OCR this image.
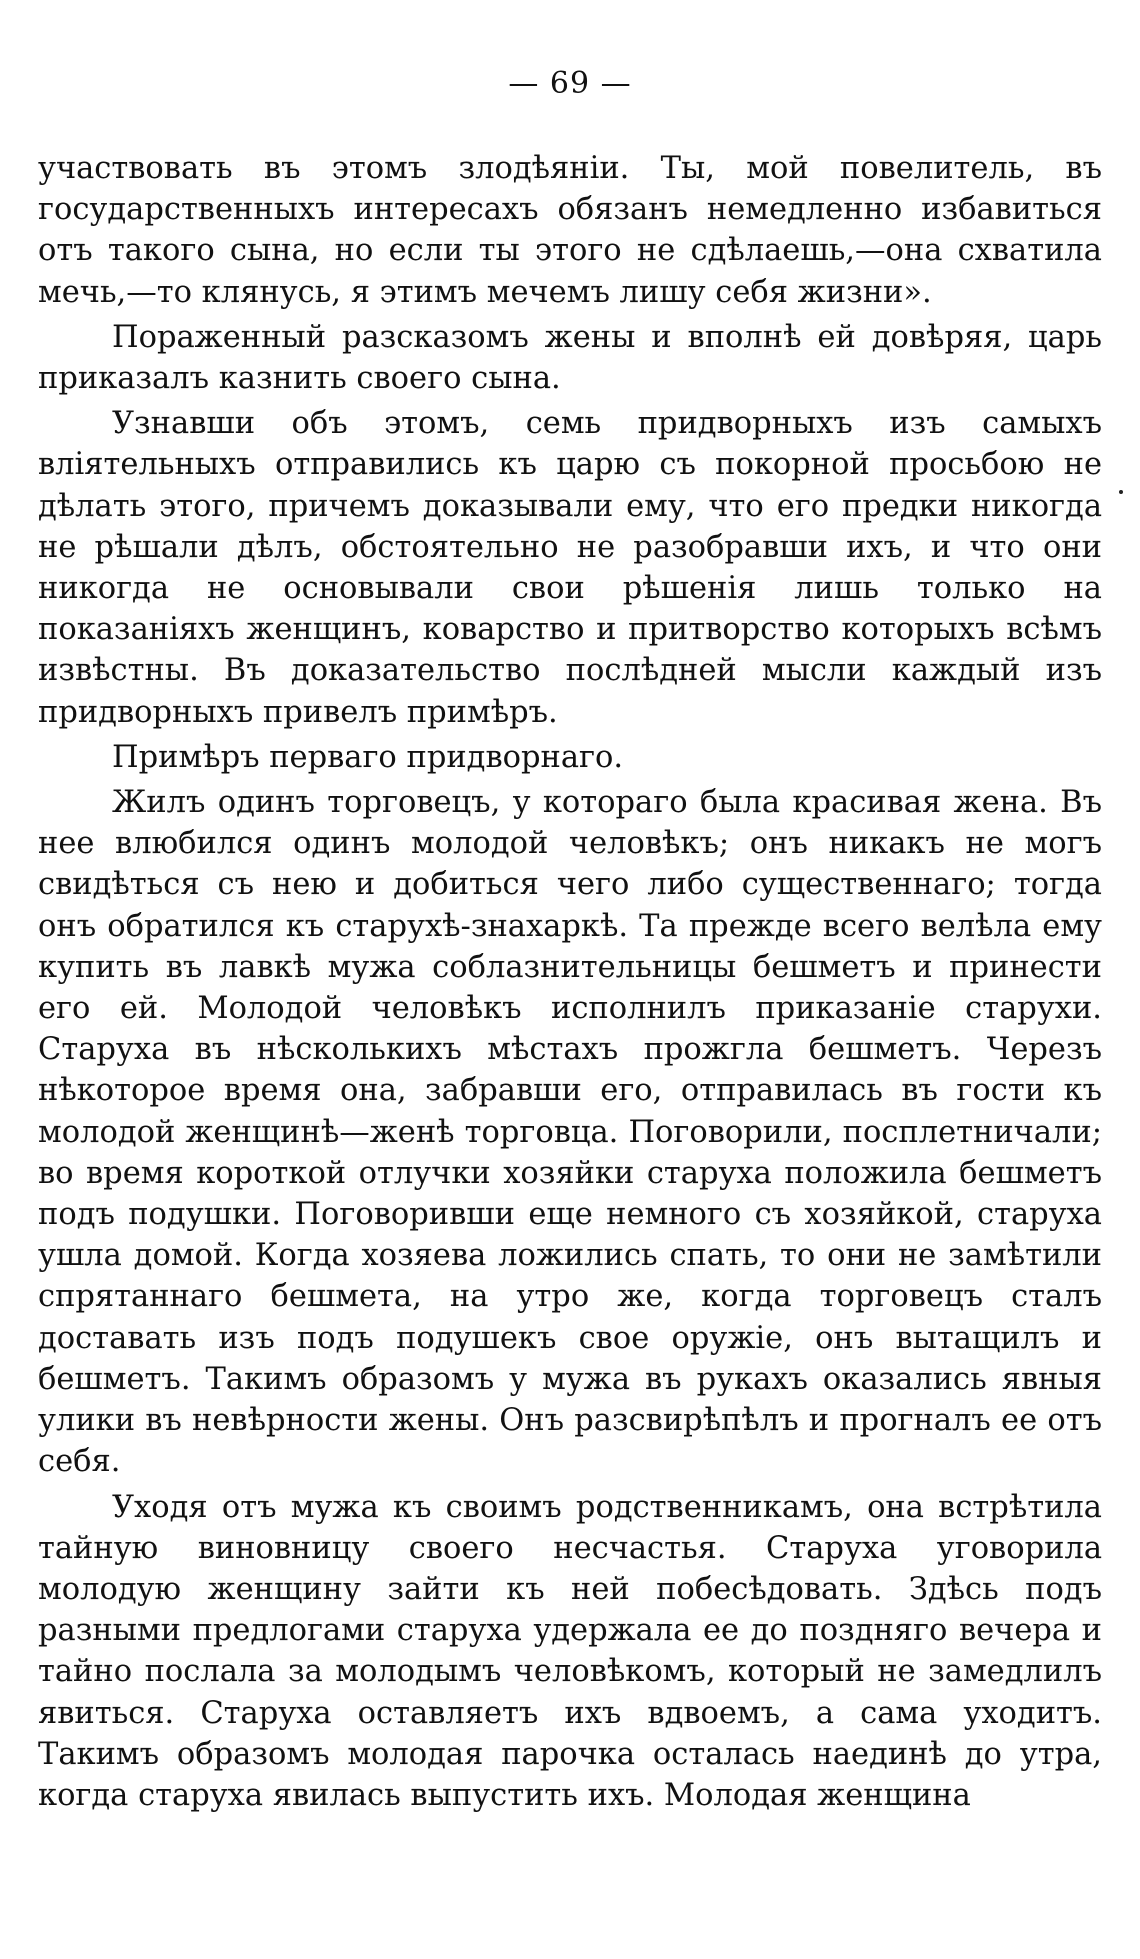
— 69 —

участвовать въ этомъ злодѣяніи. Ты, мой повелитель, въ государственныхъ интересахъ обязанъ немедленно избавиться отъ такого сына, но если ты этого не сдѣлаешь,—она схватила мечь,—то клянусь, я этимъ мечемъ лишу себя жизни».

Пораженный разсказомъ жены и вполнѣ ей довѣряя, царь приказалъ казнить своего сына.

Узнавши объ этомъ, семь придворныхъ изъ самыхъ вліятельныхъ отправились къ царю съ покорной просьбою не дѣлать этого, причемъ доказывали ему, что его предки никогда не рѣшали дѣлъ, обстоятельно не разобравши ихъ, и что они никогда не основывали свои рѣшенія лишь только на показаніяхъ женщинъ, коварство и притворство которыхъ всѣмъ извѣстны. Въ доказательство послѣдней мысли каждый изъ придворныхъ привелъ примѣръ.

Примѣръ перваго придворнаго.

Жилъ одинъ торговецъ, у котораго была красивая жена. Въ нее влюбился одинъ молодой человѣкъ; онъ никакъ не могъ свидѣться съ нею и добиться чего либо существеннаго; тогда онъ обратился къ старухѣ-знахаркѣ. Та прежде всего велѣла ему купить въ лавкѣ мужа соблазнительницы бешметъ и принести его ей. Молодой человѣкъ исполнилъ приказаніе старухи. Старуха въ нѣсколькихъ мѣстахъ прожгла бешметъ. Черезъ нѣкоторое время она, забравши его, отправилась въ гости къ молодой женщинѣ—женѣ торговца. Поговорили, посплетничали; во время короткой отлучки хозяйки старуха положила бешметъ подъ подушки. Поговоривши еще немного съ хозяйкой, старуха ушла домой. Когда хозяева ложились спать, то они не замѣтили спрятаннаго бешмета, на утро же, когда торговецъ сталъ доставать изъ подъ подушекъ свое оружіе, онъ вытащилъ и бешметъ. Такимъ образомъ у мужа въ рукахъ оказались явныя улики въ невѣрности жены. Онъ разсвирѣпѣлъ и прогналъ ее отъ себя.

Уходя отъ мужа къ своимъ родственникамъ, она встрѣтила тайную виновницу своего несчастья. Старуха уговорила молодую женщину зайти къ ней побесѣдовать. Здѣсь подъ разными предлогами старуха удержала ее до поздняго вечера и тайно послала за молодымъ человѣкомъ, который не замедлилъ явиться. Старуха оставляетъ ихъ вдвоемъ, а сама уходитъ. Такимъ образомъ молодая парочка осталась наединѣ до утра, когда старуха явилась выпустить ихъ. Молодая женщина
